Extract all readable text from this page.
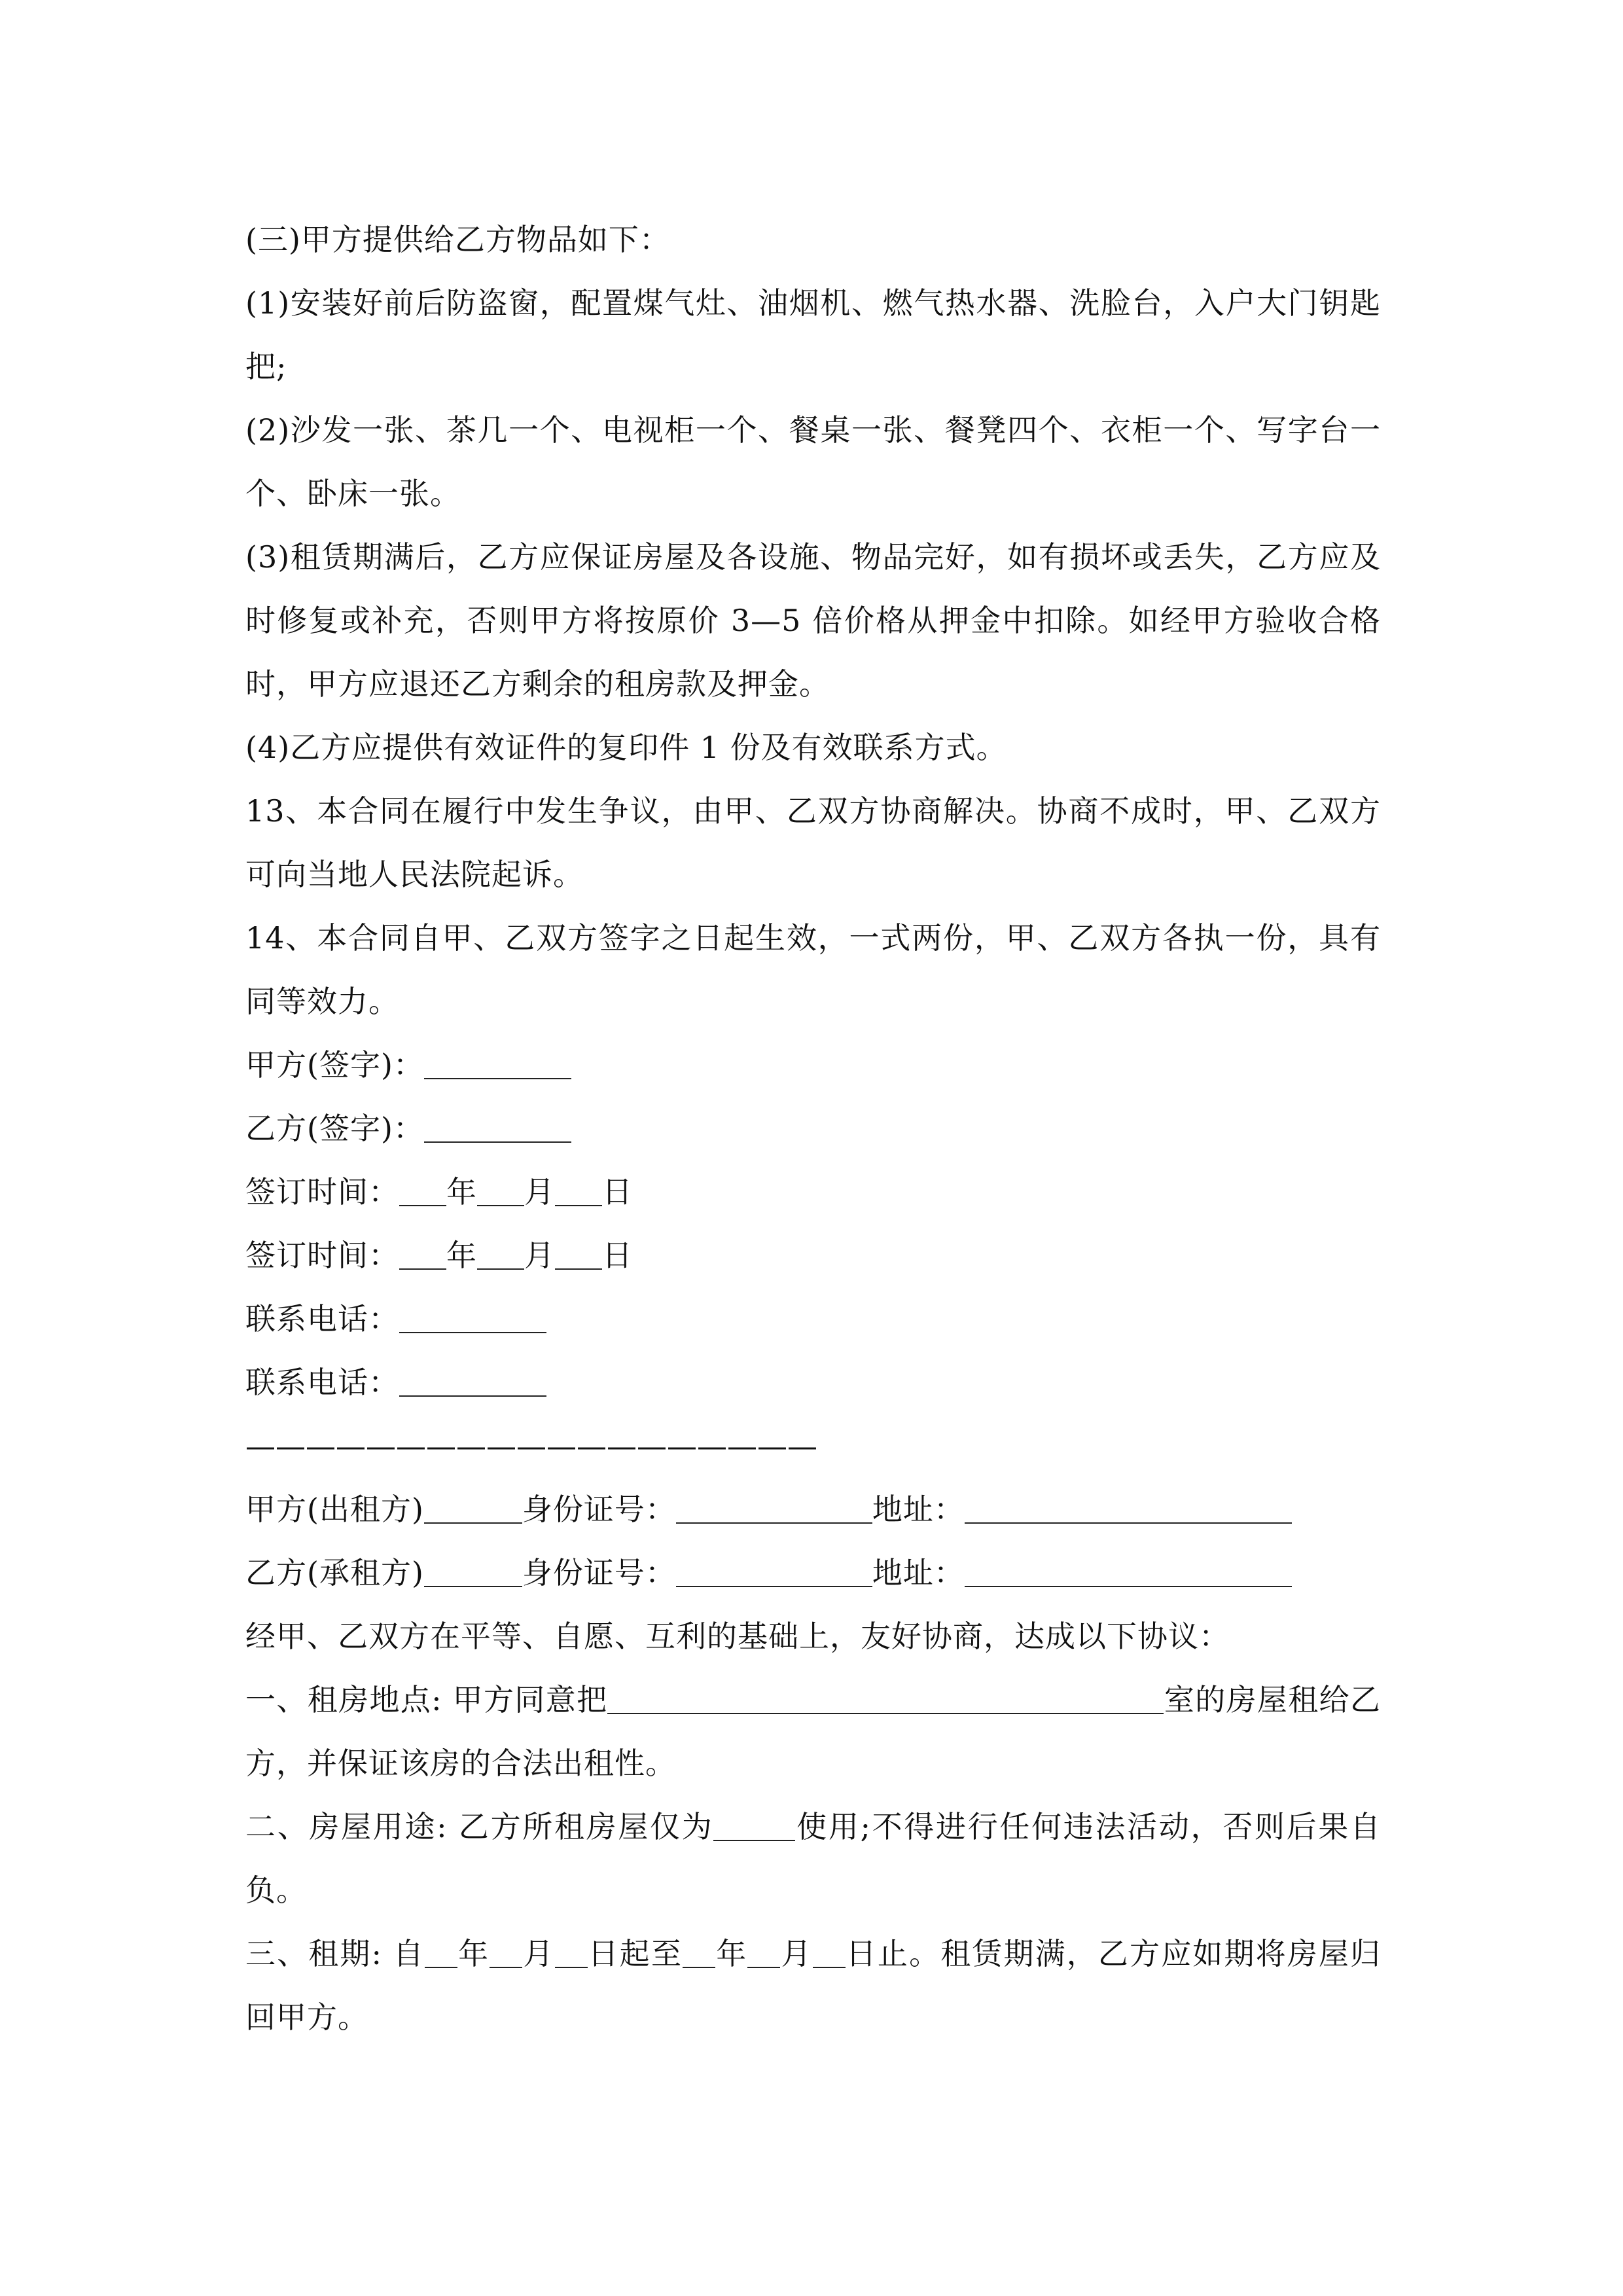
(三)甲方提供给乙方物品如下：

(1)安装好前后防盗窗，配置煤气灶、油烟机、燃气热水器、洗脸台，入户大门钥匙把;

(2)沙发一张、茶几一个、电视柜一个、餐桌一张、餐凳四个、衣柜一个、写字台一个、卧床一张。

(3)租赁期满后，乙方应保证房屋及各设施、物品完好，如有损坏或丢失，乙方应及时修复或补充，否则甲方将按原价 3—5 倍价格从押金中扣除。如经甲方验收合格时，甲方应退还乙方剩余的租房款及押金。

(4)乙方应提供有效证件的复印件 1 份及有效联系方式。

13、本合同在履行中发生争议，由甲、乙双方协商解决。协商不成时，甲、乙双方可向当地人民法院起诉。

14、本合同自甲、乙双方签字之日起生效，一式两份，甲、乙双方各执一份，具有同等效力。

甲方(签字)：

乙方(签字)：

签订时间： 年 月 日

签订时间： 年 月 日

联系电话：

联系电话：

———————————————————

甲方(出租方)	身份证号：	地址：

乙方(承租方)	身份证号：	地址：

经甲、乙双方在平等、自愿、互利的基础上，友好协商，达成以下协议：

一、租房地点: 甲方同意把	室的房屋租给乙方，并保证该房的合法出租性。

二、房屋用途: 乙方所租房屋仅为	使用;不得进行任何违法活动，否则后果自负。

三、租期: 自 年 月 日起至 年 月 日止。租赁期满，乙方应如期将房屋归回甲方。
